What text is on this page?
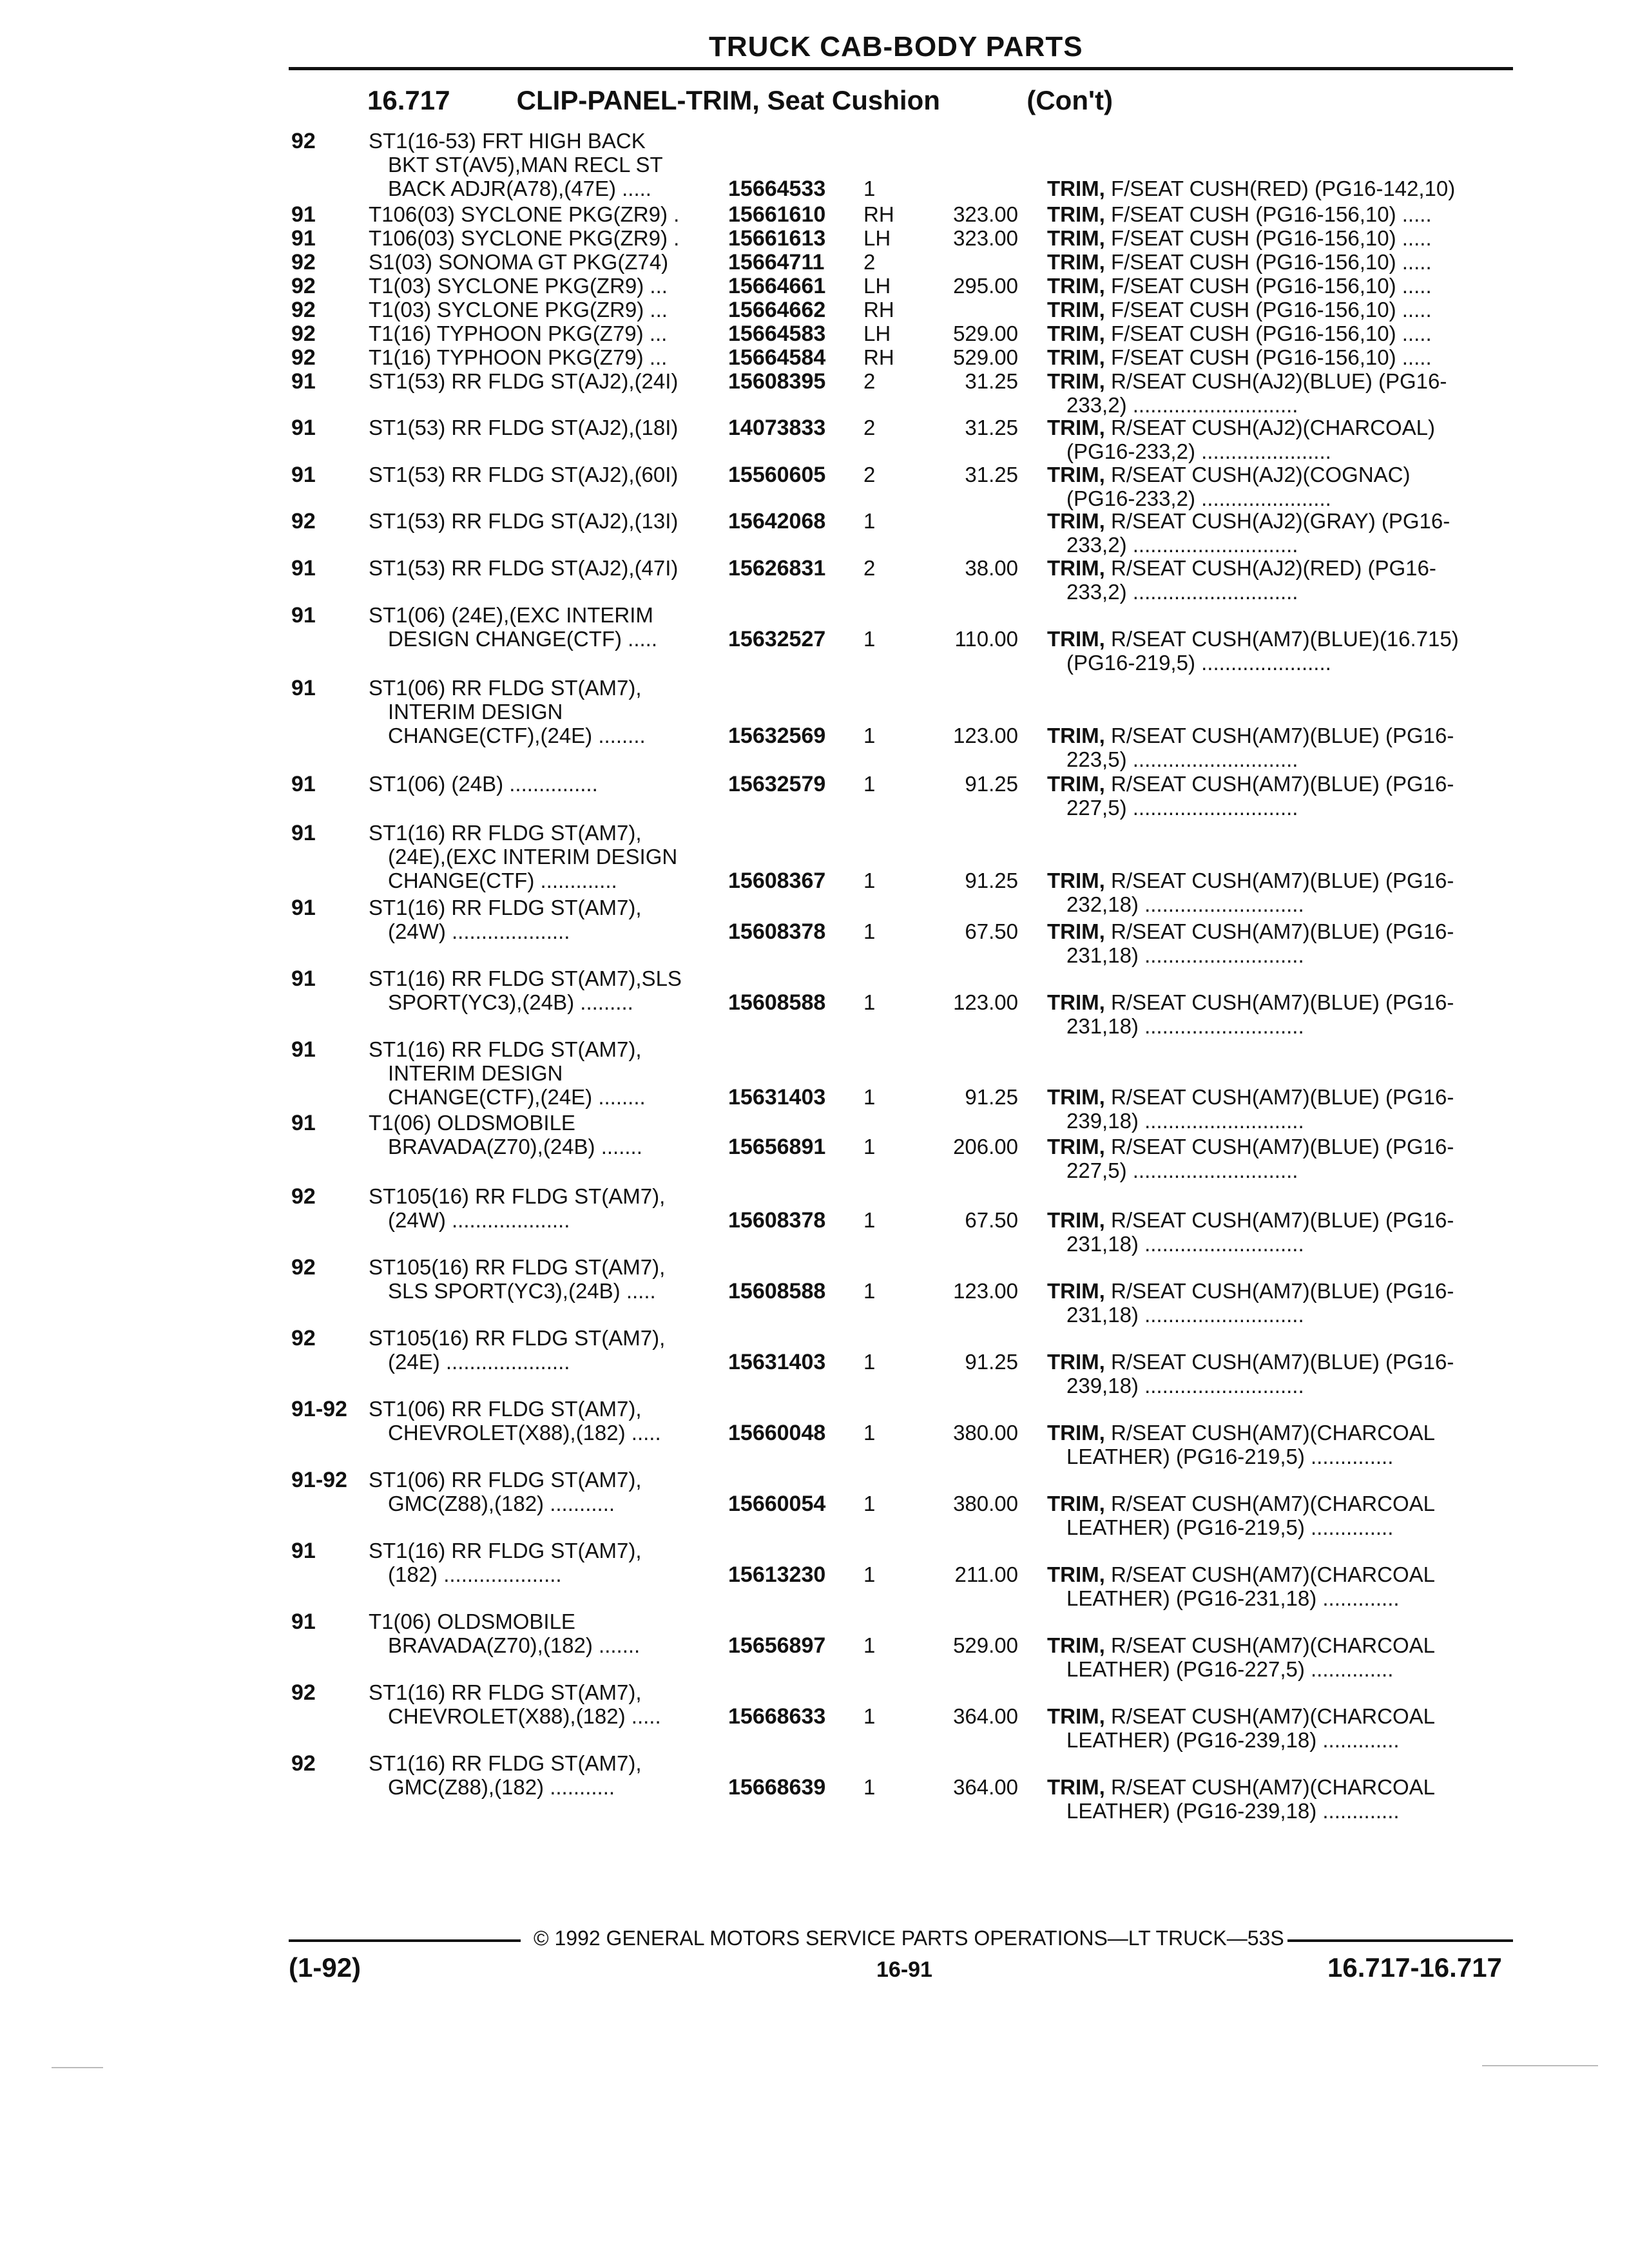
TRUCK CAB-BODY PARTS
16.717 CLIP-PANEL-TRIM, Seat Cushion	(Con't)
92 ST1(16-53) FRT HIGH BACK
BKT ST(AV5),MAN RECL ST
BACK ADJR(A78),(47E) .....	15664533 1	TRIM, F/SEAT CUSH(RED) (PG16-142,10)
91 T106(03) SYCLONE PKG(ZR9) .	15661610 RH	323.00 TRIM, F/SEAT CUSH (PG16-156,10) .....
91 T106(03) SYCLONE PKG(ZR9) .	15661613 LH	323.00 TRIM, F/SEAT CUSH (PG16-156,10) .....
92 S1(03) SONOMA GT PKG(Z74)	15664711 2	TRIM, F/SEAT CUSH (PG16-156,10) .....
92 T1(03) SYCLONE PKG(ZR9) ...	15664661 LH	295.00 TRIM, F/SEAT CUSH (PG16-156,10) .....
92 T1(03) SYCLONE PKG(ZR9) ...	15664662 RH	TRIM, F/SEAT CUSH (PG16-156,10) .....
92 T1(16) TYPHOON PKG(Z79) ...	15664583 LH	529.00 TRIM, F/SEAT CUSH (PG16-156,10) .....
92 T1(16) TYPHOON PKG(Z79) ...	15664584 RH	529.00 TRIM, F/SEAT CUSH (PG16-156,10) .....
91 ST1(53) RR FLDG ST(AJ2),(24I)	15608395 2	31.25 TRIM, R/SEAT CUSH(AJ2)(BLUE) (PG16-
233,2) ............................
91 ST1(53) RR FLDG ST(AJ2),(18I)	14073833 2	31.25 TRIM, R/SEAT CUSH(AJ2)(CHARCOAL)
(PG16-233,2) ......................
91 ST1(53) RR FLDG ST(AJ2),(60I)	15560605 2	31.25 TRIM, R/SEAT CUSH(AJ2)(COGNAC)
(PG16-233,2) ......................
92 ST1(53) RR FLDG ST(AJ2),(13I)	15642068 1	TRIM, R/SEAT CUSH(AJ2)(GRAY) (PG16-
233,2) ............................
91 ST1(53) RR FLDG ST(AJ2),(47I)	15626831 2	38.00 TRIM, R/SEAT CUSH(AJ2)(RED) (PG16-
233,2) ............................
91 ST1(06) (24E),(EXC INTERIM
DESIGN CHANGE(CTF) .....	15632527 1	110.00 TRIM, R/SEAT CUSH(AM7)(BLUE)(16.715)
(PG16-219,5) ......................
91 ST1(06) RR FLDG ST(AM7),
INTERIM DESIGN
CHANGE(CTF),(24E) ........	15632569 1	123.00 TRIM, R/SEAT CUSH(AM7)(BLUE) (PG16-
223,5) ............................
91 ST1(06) (24B) ...............	15632579 1	91.25 TRIM, R/SEAT CUSH(AM7)(BLUE) (PG16-
227,5) ............................
91 ST1(16) RR FLDG ST(AM7),
(24E),(EXC INTERIM DESIGN
CHANGE(CTF) .............	15608367 1	91.25 TRIM, R/SEAT CUSH(AM7)(BLUE) (PG16-
232,18) ...........................
91 ST1(16) RR FLDG ST(AM7),
(24W) ....................	15608378 1	67.50 TRIM, R/SEAT CUSH(AM7)(BLUE) (PG16-
231,18) ...........................
91 ST1(16) RR FLDG ST(AM7),SLS
SPORT(YC3),(24B) .........	15608588 1	123.00 TRIM, R/SEAT CUSH(AM7)(BLUE) (PG16-
231,18) ...........................
91 ST1(16) RR FLDG ST(AM7),
INTERIM DESIGN
CHANGE(CTF),(24E) ........	15631403 1	91.25 TRIM, R/SEAT CUSH(AM7)(BLUE) (PG16-
239,18) ...........................
91 T1(06) OLDSMOBILE
BRAVADA(Z70),(24B) .......	15656891 1	206.00 TRIM, R/SEAT CUSH(AM7)(BLUE) (PG16-
227,5) ............................
92 ST105(16) RR FLDG ST(AM7),
(24W) ....................	15608378 1	67.50 TRIM, R/SEAT CUSH(AM7)(BLUE) (PG16-
231,18) ...........................
92 ST105(16) RR FLDG ST(AM7),
SLS SPORT(YC3),(24B) .....	15608588 1	123.00 TRIM, R/SEAT CUSH(AM7)(BLUE) (PG16-
231,18) ...........................
92 ST105(16) RR FLDG ST(AM7),
(24E) .....................	15631403 1	91.25 TRIM, R/SEAT CUSH(AM7)(BLUE) (PG16-
239,18) ...........................
91-92 ST1(06) RR FLDG ST(AM7),
CHEVROLET(X88),(182) .....	15660048 1	380.00 TRIM, R/SEAT CUSH(AM7)(CHARCOAL
LEATHER) (PG16-219,5) ..............
91-92 ST1(06) RR FLDG ST(AM7),
GMC(Z88),(182) ...........	15660054 1	380.00 TRIM, R/SEAT CUSH(AM7)(CHARCOAL
LEATHER) (PG16-219,5) ..............
91 ST1(16) RR FLDG ST(AM7),
(182) ....................	15613230 1	211.00 TRIM, R/SEAT CUSH(AM7)(CHARCOAL
LEATHER) (PG16-231,18) .............
91 T1(06) OLDSMOBILE
BRAVADA(Z70),(182) .......	15656897 1	529.00 TRIM, R/SEAT CUSH(AM7)(CHARCOAL
LEATHER) (PG16-227,5) ..............
92 ST1(16) RR FLDG ST(AM7),
CHEVROLET(X88),(182) .....	15668633 1	364.00 TRIM, R/SEAT CUSH(AM7)(CHARCOAL
LEATHER) (PG16-239,18) .............
92 ST1(16) RR FLDG ST(AM7),
GMC(Z88),(182) ...........	15668639 1	364.00 TRIM, R/SEAT CUSH(AM7)(CHARCOAL
LEATHER) (PG16-239,18) .............
© 1992 GENERAL MOTORS SERVICE PARTS OPERATIONS—LT TRUCK—53S
(1-92)	16-91	16.717-16.717
